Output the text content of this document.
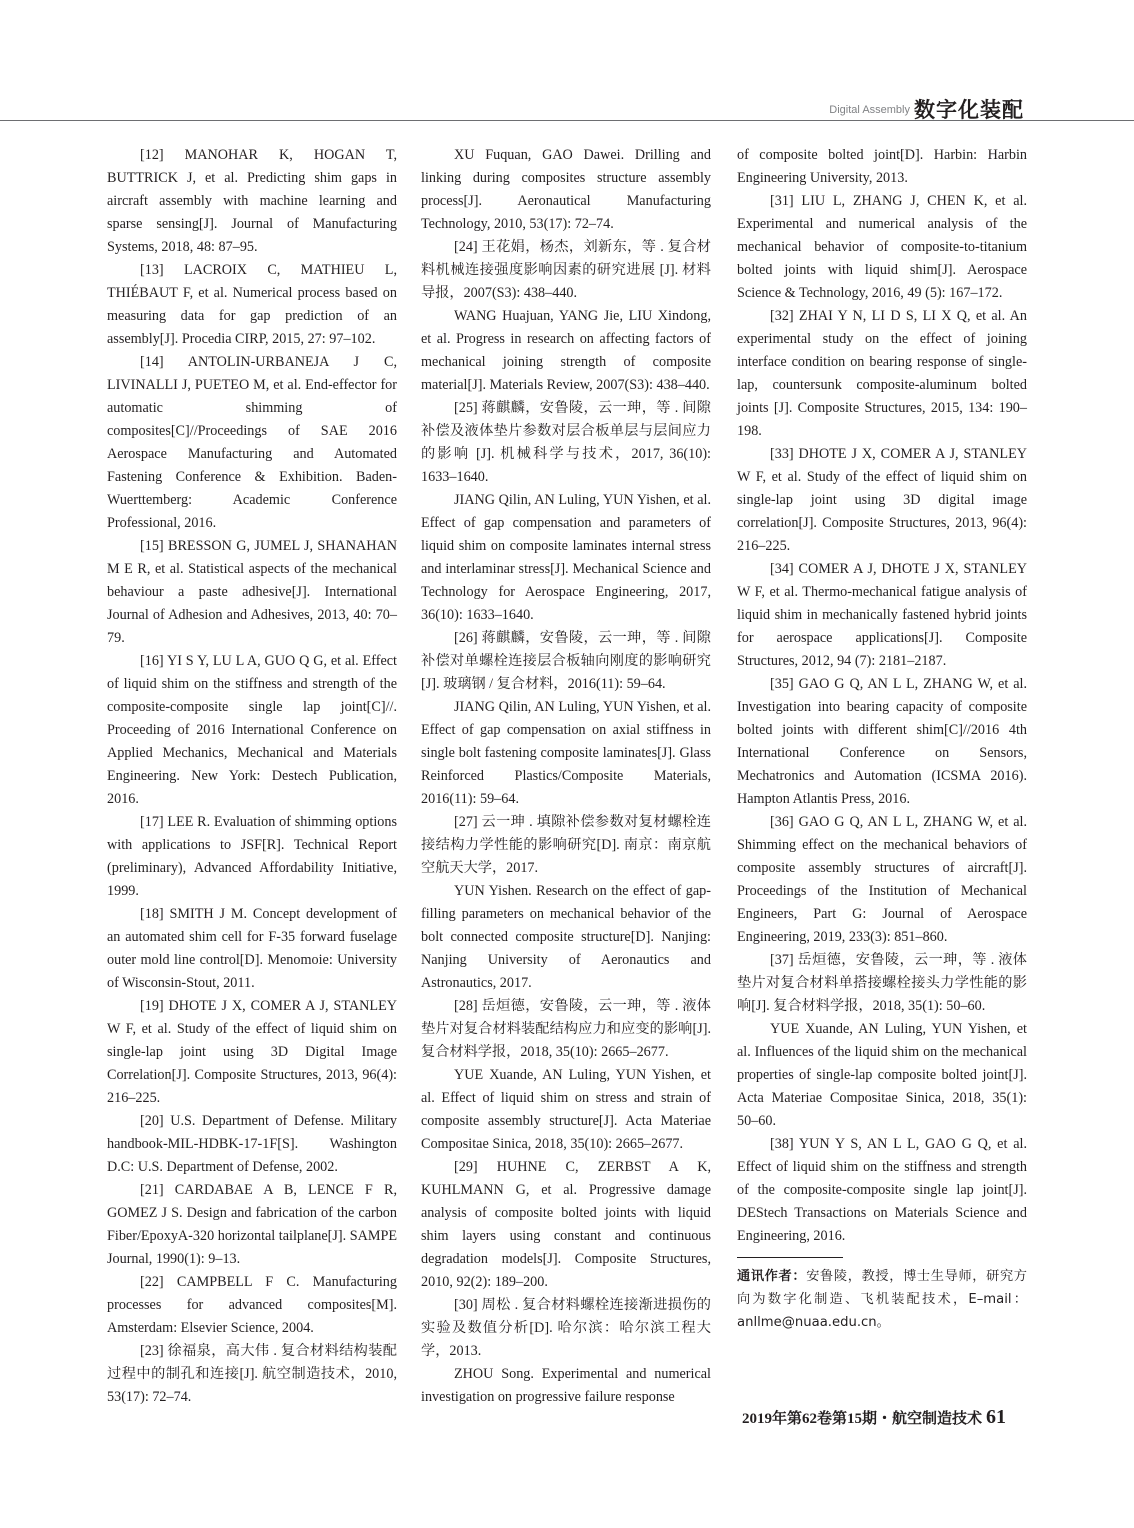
Digital Assembly 数字化装配

[12] MANOHAR K, HOGAN T, BUTTRICK J, et al. Predicting shim gaps in aircraft assembly with machine learning and sparse sensing[J]. Journal of Manufacturing Systems, 2018, 48: 87–95.

[13] LACROIX C, MATHIEU L, THIÉBAUT F, et al. Numerical process based on measuring data for gap prediction of an assembly[J]. Procedia CIRP, 2015, 27: 97–102.

[14] ANTOLIN-URBANEJA J C, LIVINALLI J, PUETEO M, et al. End-effector for automatic shimming of composites[C]//Proceedings of SAE 2016 Aerospace Manufacturing and Automated Fastening Conference & Exhibition. Baden-Wuerttemberg: Academic Conference Professional, 2016.

[15] BRESSON G, JUMEL J, SHANAHAN M E R, et al. Statistical aspects of the mechanical behaviour a paste adhesive[J]. International Journal of Adhesion and Adhesives, 2013, 40: 70–79.

[16] YI S Y, LU L A, GUO Q G, et al. Effect of liquid shim on the stiffness and strength of the composite-composite single lap joint[C]//. Proceeding of 2016 International Conference on Applied Mechanics, Mechanical and Materials Engineering. New York: Destech Publication, 2016.

[17] LEE R. Evaluation of shimming options with applications to JSF[R]. Technical Report (preliminary), Advanced Affordability Initiative, 1999.

[18] SMITH J M. Concept development of an automated shim cell for F-35 forward fuselage outer mold line control[D]. Menomoie: University of Wisconsin-Stout, 2011.

[19] DHOTE J X, COMER A J, STANLEY W F, et al. Study of the effect of liquid shim on single-lap joint using 3D Digital Image Correlation[J]. Composite Structures, 2013, 96(4): 216–225.

[20] U.S. Department of Defense. Military handbook-MIL-HDBK-17-1F[S]. Washington D.C: U.S. Department of Defense, 2002.

[21] CARDABAE A B, LENCE F R, GOMEZ J S. Design and fabrication of the carbon Fiber/EpoxyA-320 horizontal tailplane[J]. SAMPE Journal, 1990(1): 9–13.

[22] CAMPBELL F C. Manufacturing processes for advanced composites[M]. Amsterdam: Elsevier Science, 2004.

[23] 徐福泉，高大伟 . 复合材料结构装配过程中的制孔和连接[J]. 航空制造技术，2010, 53(17): 72–74.

XU Fuquan, GAO Dawei. Drilling and linking during composites structure assembly process[J]. Aeronautical Manufacturing Technology, 2010, 53(17): 72–74.

[24] 王花娟，杨杰，刘新东，等 . 复合材料机械连接强度影响因素的研究进展 [J]. 材料导报，2007(S3): 438–440.

WANG Huajuan, YANG Jie, LIU Xindong, et al. Progress in research on affecting factors of mechanical joining strength of composite material[J]. Materials Review, 2007(S3): 438–440.

[25] 蒋麒麟，安鲁陵，云一珅，等 . 间隙补偿及液体垫片参数对层合板单层与层间应力的影响 [J]. 机械科学与技术，2017, 36(10): 1633–1640.

JIANG Qilin, AN Luling, YUN Yishen, et al. Effect of gap compensation and parameters of liquid shim on composite laminates internal stress and interlaminar stress[J]. Mechanical Science and Technology for Aerospace Engineering, 2017, 36(10): 1633–1640.

[26] 蒋麒麟，安鲁陵，云一珅，等 . 间隙补偿对单螺栓连接层合板轴向刚度的影响研究[J]. 玻璃钢 / 复合材料，2016(11): 59–64.

JIANG Qilin, AN Luling, YUN Yishen, et al. Effect of gap compensation on axial stiffness in single bolt fastening composite laminates[J]. Glass Reinforced Plastics/Composite Materials, 2016(11): 59–64.

[27] 云一珅 . 填隙补偿参数对复材螺栓连接结构力学性能的影响研究[D]. 南京：南京航空航天大学，2017.

YUN Yishen. Research on the effect of gap-filling parameters on mechanical behavior of the bolt connected composite structure[D]. Nanjing: Nanjing University of Aeronautics and Astronautics, 2017.

[28] 岳烜德，安鲁陵，云一珅，等 . 液体垫片对复合材料装配结构应力和应变的影响[J]. 复合材料学报，2018, 35(10): 2665–2677.

YUE Xuande, AN Luling, YUN Yishen, et al. Effect of liquid shim on stress and strain of composite assembly structure[J]. Acta Materiae Compositae Sinica, 2018, 35(10): 2665–2677.

[29] HUHNE C, ZERBST A K, KUHLMANN G, et al. Progressive damage analysis of composite bolted joints with liquid shim layers using constant and continuous degradation models[J]. Composite Structures, 2010, 92(2): 189–200.

[30] 周松 . 复合材料螺栓连接渐进损伤的实验及数值分析[D]. 哈尔滨：哈尔滨工程大学，2013.

ZHOU Song. Experimental and numerical investigation on progressive failure response

of composite bolted joint[D]. Harbin: Harbin Engineering University, 2013.

[31] LIU L, ZHANG J, CHEN K, et al. Experimental and numerical analysis of the mechanical behavior of composite-to-titanium bolted joints with liquid shim[J]. Aerospace Science & Technology, 2016, 49 (5): 167–172.

[32] ZHAI Y N, LI D S, LI X Q, et al. An experimental study on the effect of joining interface condition on bearing response of single-lap, countersunk composite-aluminum bolted joints [J]. Composite Structures, 2015, 134: 190–198.

[33] DHOTE J X, COMER A J, STANLEY W F, et al. Study of the effect of liquid shim on single-lap joint using 3D digital image correlation[J]. Composite Structures, 2013, 96(4): 216–225.

[34] COMER A J, DHOTE J X, STANLEY W F, et al. Thermo-mechanical fatigue analysis of liquid shim in mechanically fastened hybrid joints for aerospace applications[J]. Composite Structures, 2012, 94 (7): 2181–2187.

[35] GAO G Q, AN L L, ZHANG W, et al. Investigation into bearing capacity of composite bolted joints with different shim[C]//2016 4th International Conference on Sensors, Mechatronics and Automation (ICSMA 2016). Hampton Atlantis Press, 2016.

[36] GAO G Q, AN L L, ZHANG W, et al. Shimming effect on the mechanical behaviors of composite assembly structures of aircraft[J]. Proceedings of the Institution of Mechanical Engineers, Part G: Journal of Aerospace Engineering, 2019, 233(3): 851–860.

[37] 岳烜德，安鲁陵，云一珅，等 . 液体垫片对复合材料单搭接螺栓接头力学性能的影响[J]. 复合材料学报，2018, 35(1): 50–60.

YUE Xuande, AN Luling, YUN Yishen, et al. Influences of the liquid shim on the mechanical properties of single-lap composite bolted joint[J]. Acta Materiae Compositae Sinica, 2018, 35(1): 50–60.

[38] YUN Y S, AN L L, GAO G Q, et al. Effect of liquid shim on the stiffness and strength of the composite-composite single lap joint[J]. DEStech Transactions on Materials Science and Engineering, 2016.

通讯作者：安鲁陵，教授，博士生导师，研究方向为数字化制造、飞机装配技术，E–mail：anllme@nuaa.edu.cn。

2019年第62卷第15期・航空制造技术 61
